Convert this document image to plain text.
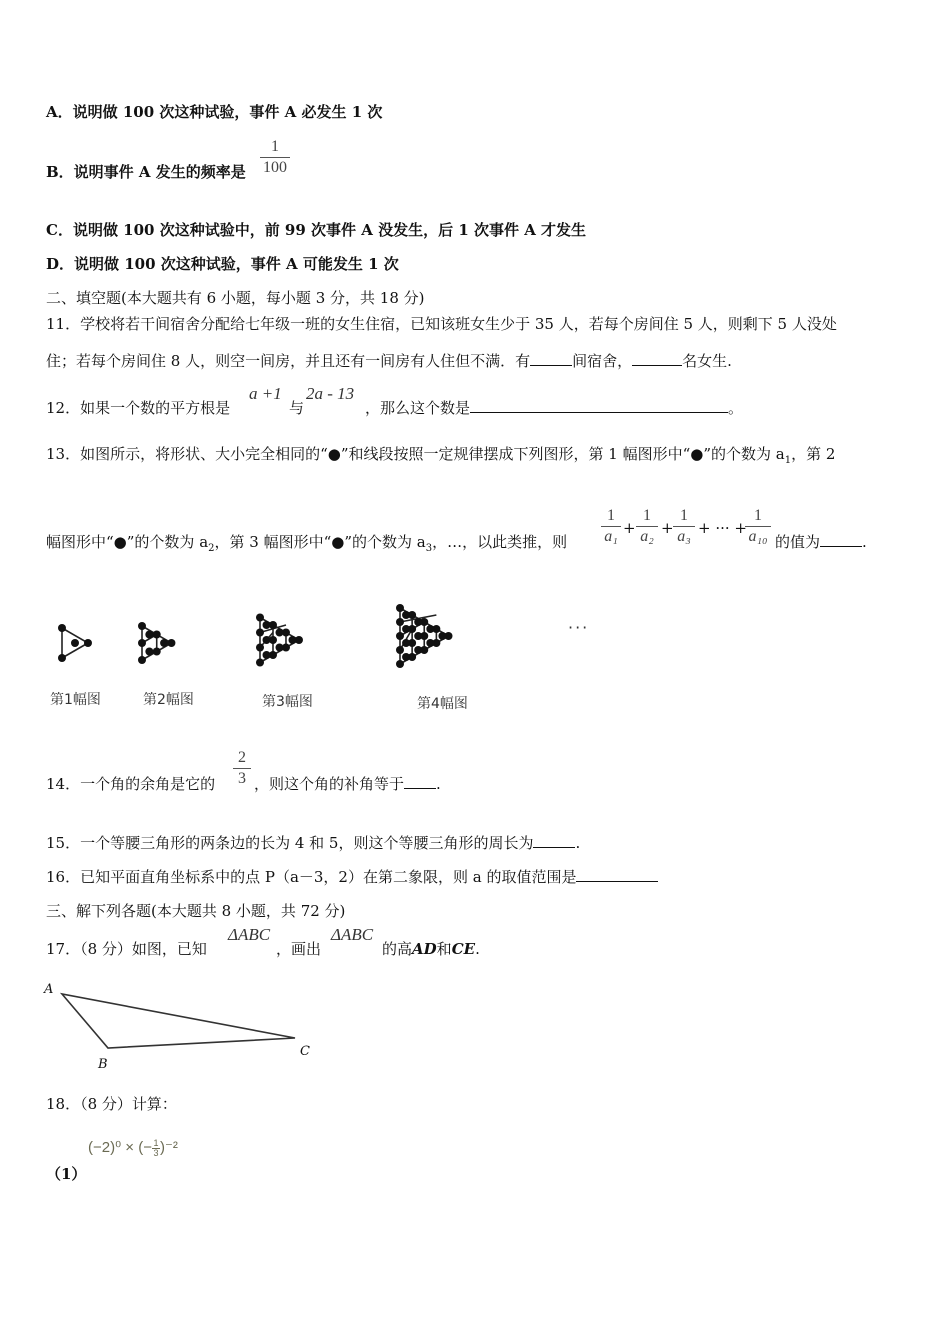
A．说明做 100 次这种试验，事件 A 必发生 1 次
B．说明事件 A 发生的频率是
1
100
C．说明做 100 次这种试验中，前 99 次事件 A 没发生，后 1 次事件 A 才发生
D．说明做 100 次这种试验，事件 A 可能发生 1 次
二、填空题(本大题共有 6 小题，每小题 3 分，共 18 分)
11．学校将若干间宿舍分配给七年级一班的女生住宿，已知该班女生少于 35 人，若每个房间住 5 人，则剩下 5 人没处
住；若每个房间住 8 人，则空一间房，并且还有一间房有人住但不满．有	间宿舍，	名女生.
12．如果一个数的平方根是
a +1
与
2a - 13
，那么这个数是	。
13．如图所示，将形状、大小完全相同的“●”和线段按照一定规律摆成下列图形，第 1 幅图形中“●”的个数为 $a_1$，第 2
幅图形中“●”的个数为 $a_2$，第 3 幅图形中“●”的个数为 $a_3$，…，以此类推，则
1
a₁ +
1
a₂ +
1
a₃ + ··· +
1
a₁₀ 的值为	.
第1幅图	第2幅图	第3幅图	第4幅图
···
14．一个角的余角是它的
2
3 ，则这个角的补角等于 .
15．一个等腰三角形的两条边的长为 4 和 5，则这个等腰三角形的周长为	.
16．已知平面直角坐标系中的点 P（a－3，2）在第二象限，则 a 的取值范围是
三、解下列各题(本大题共 8 小题，共 72 分)
17．（8 分）如图，已知
ΔABC
，画出
ΔABC
的高AD和CE.
A
B
C
18．（8 分）计算：
(−2)⁰ × (− $\frac{1}{3} )^{-2}$
（1）
